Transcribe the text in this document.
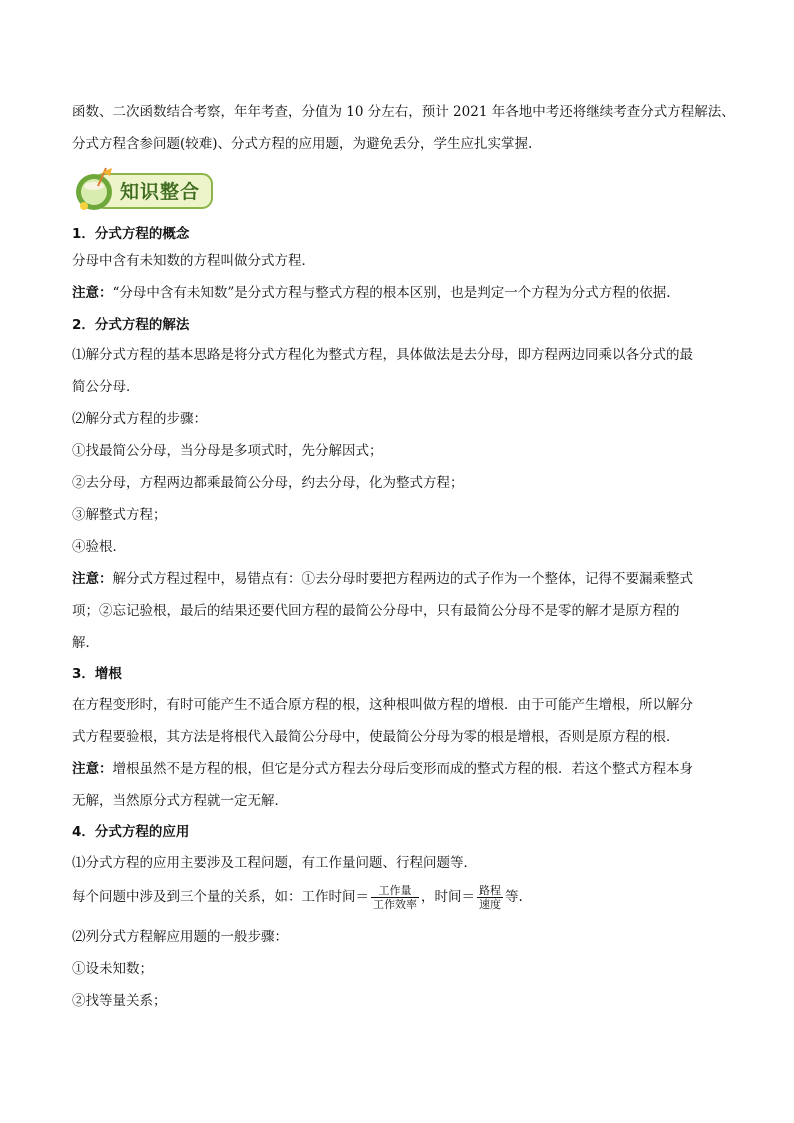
函数、二次函数结合考察，年年考查，分值为 10 分左右，预计 2021 年各地中考还将继续考查分式方程解法、
分式方程含参问题(较难)、分式方程的应用题，为避免丢分，学生应扎实掌握.
知识整合
1．分式方程的概念
分母中含有未知数的方程叫做分式方程．
注意：“分母中含有未知数”是分式方程与整式方程的根本区别，也是判定一个方程为分式方程的依据.
2．分式方程的解法
⑴解分式方程的基本思路是将分式方程化为整式方程，具体做法是去分母，即方程两边同乘以各分式的最
简公分母．
⑵解分式方程的步骤：
①找最简公分母，当分母是多项式时，先分解因式；
②去分母，方程两边都乘最简公分母，约去分母，化为整式方程；
③解整式方程；
④验根．
注意：解分式方程过程中，易错点有：①去分母时要把方程两边的式子作为一个整体，记得不要漏乘整式
项；②忘记验根，最后的结果还要代回方程的最简公分母中，只有最简公分母不是零的解才是原方程的
解．
3．增根
在方程变形时，有时可能产生不适合原方程的根，这种根叫做方程的增根．由于可能产生增根，所以解分
式方程要验根，其方法是将根代入最简公分母中，使最简公分母为零的根是增根，否则是原方程的根．
注意：增根虽然不是方程的根，但它是分式方程去分母后变形而成的整式方程的根．若这个整式方程本身
无解，当然原分式方程就一定无解．
4．分式方程的应用
⑴分式方程的应用主要涉及工程问题，有工作量问题、行程问题等．
每个问题中涉及到三个量的关系，如：工作时间＝ $\frac{\text{工作量}}{\text{工作效率}}$ ，时间＝ $\frac{\text{路程}}{\text{速度}}$ 等.
⑵列分式方程解应用题的一般步骤：
①设未知数；
②找等量关系；
